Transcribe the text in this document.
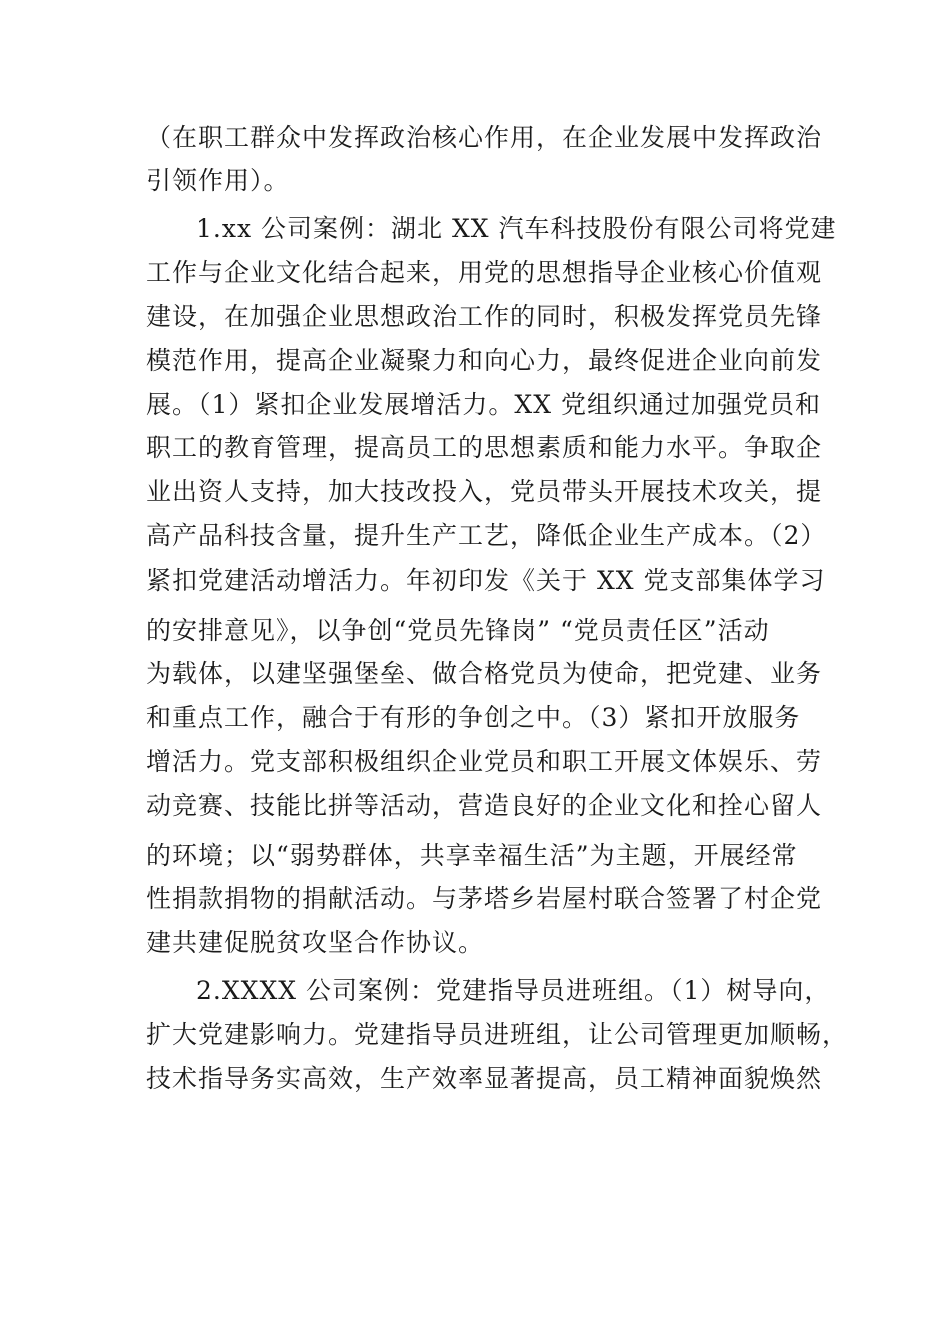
（在职工群众中发挥政治核心作用，在企业发展中发挥政治
引领作用）。
1.xx 公司案例：湖北 XX 汽车科技股份有限公司将党建
工作与企业文化结合起来，用党的思想指导企业核心价值观
建设，在加强企业思想政治工作的同时，积极发挥党员先锋
模范作用，提高企业凝聚力和向心力，最终促进企业向前发
展。（1）紧扣企业发展增活力。XX 党组织通过加强党员和
职工的教育管理，提高员工的思想素质和能力水平。争取企
业出资人支持，加大技改投入，党员带头开展技术攻关，提
高产品科技含量，提升生产工艺，降低企业生产成本。（2）
紧扣党建活动增活力。年初印发《关于 XX 党支部集体学习
的安排意见》，以争创“党员先锋岗” “党员责任区”活动
为载体，以建坚强堡垒、做合格党员为使命，把党建、业务
和重点工作，融合于有形的争创之中。（3）紧扣开放服务
增活力。党支部积极组织企业党员和职工开展文体娱乐、劳
动竞赛、技能比拼等活动，营造良好的企业文化和拴心留人
的环境；以“弱势群体，共享幸福生活”为主题，开展经常
性捐款捐物的捐献活动。与茅塔乡岩屋村联合签署了村企党
建共建促脱贫攻坚合作协议。
2.XXXX 公司案例：党建指导员进班组。（1）树导向，
扩大党建影响力。党建指导员进班组，让公司管理更加顺畅，
技术指导务实高效，生产效率显著提高，员工精神面貌焕然
